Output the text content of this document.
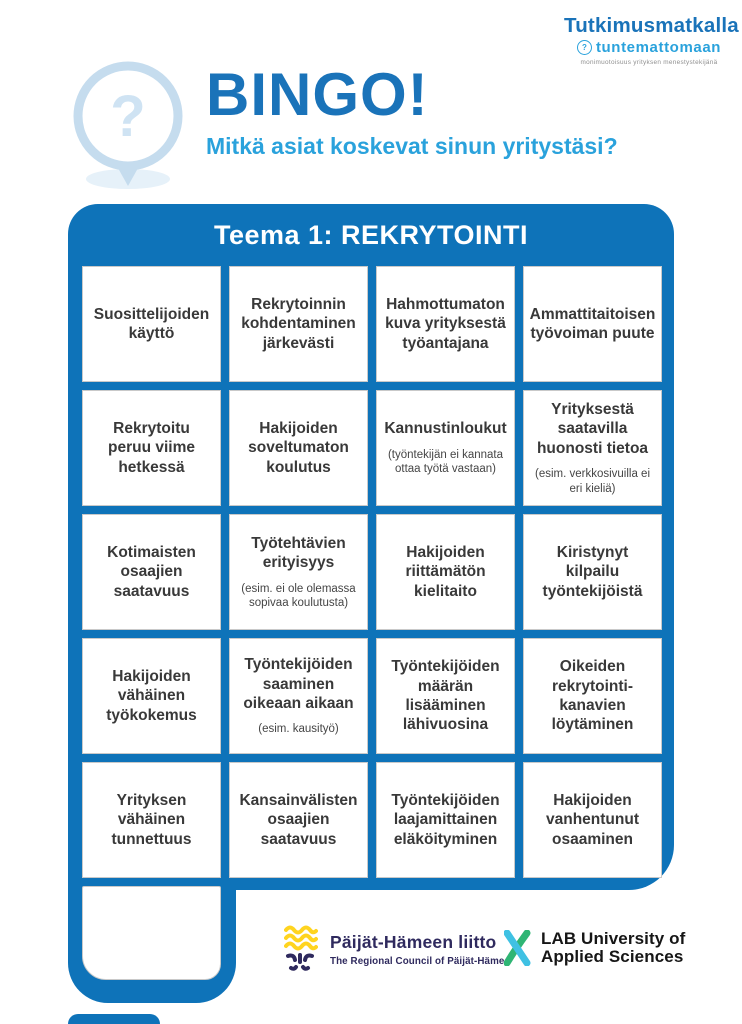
?
Tutkimusmatkalla
? tuntemattomaan
monimuotoisuus yrityksen menestystekijänä
BINGO!
Mitkä asiat koskevat sinun yritystäsi?
Teema 1: REKRYTOINTI
Suosittelijoiden käyttö
Rekrytoinnin kohdentaminen järkevästi
Hahmottumaton kuva yrityksestä työantajana
Ammattitaitoisen työvoiman puute
Rekrytoitu peruu viime hetkessä
Hakijoiden soveltumaton koulutus
Kannustinloukut
(työntekijän ei kannata ottaa työtä vastaan)
Yrityksestä saatavilla huonosti tietoa
(esim. verkkosivuilla ei eri kieliä)
Kotimaisten osaajien saatavuus
Työtehtävien erityisyys
(esim. ei ole olemassa sopivaa koulutusta)
Hakijoiden riittämätön kielitaito
Kiristynyt kilpailu työntekijöistä
Hakijoiden vähäinen työkokemus
Työntekijöiden saaminen oikeaan aikaan
(esim. kausityö)
Työntekijöiden määrän lisääminen lähivuosina
Oikeiden rekrytointi-kanavien löytäminen
Yrityksen vähäinen tunnettuus
Kansainvälisten osaajien saatavuus
Työntekijöiden laajamittainen eläköityminen
Hakijoiden vanhentunut osaaminen
Päijät-Hämeen liitto
The Regional Council of Päijät-Häme
LAB University of
Applied Sciences
